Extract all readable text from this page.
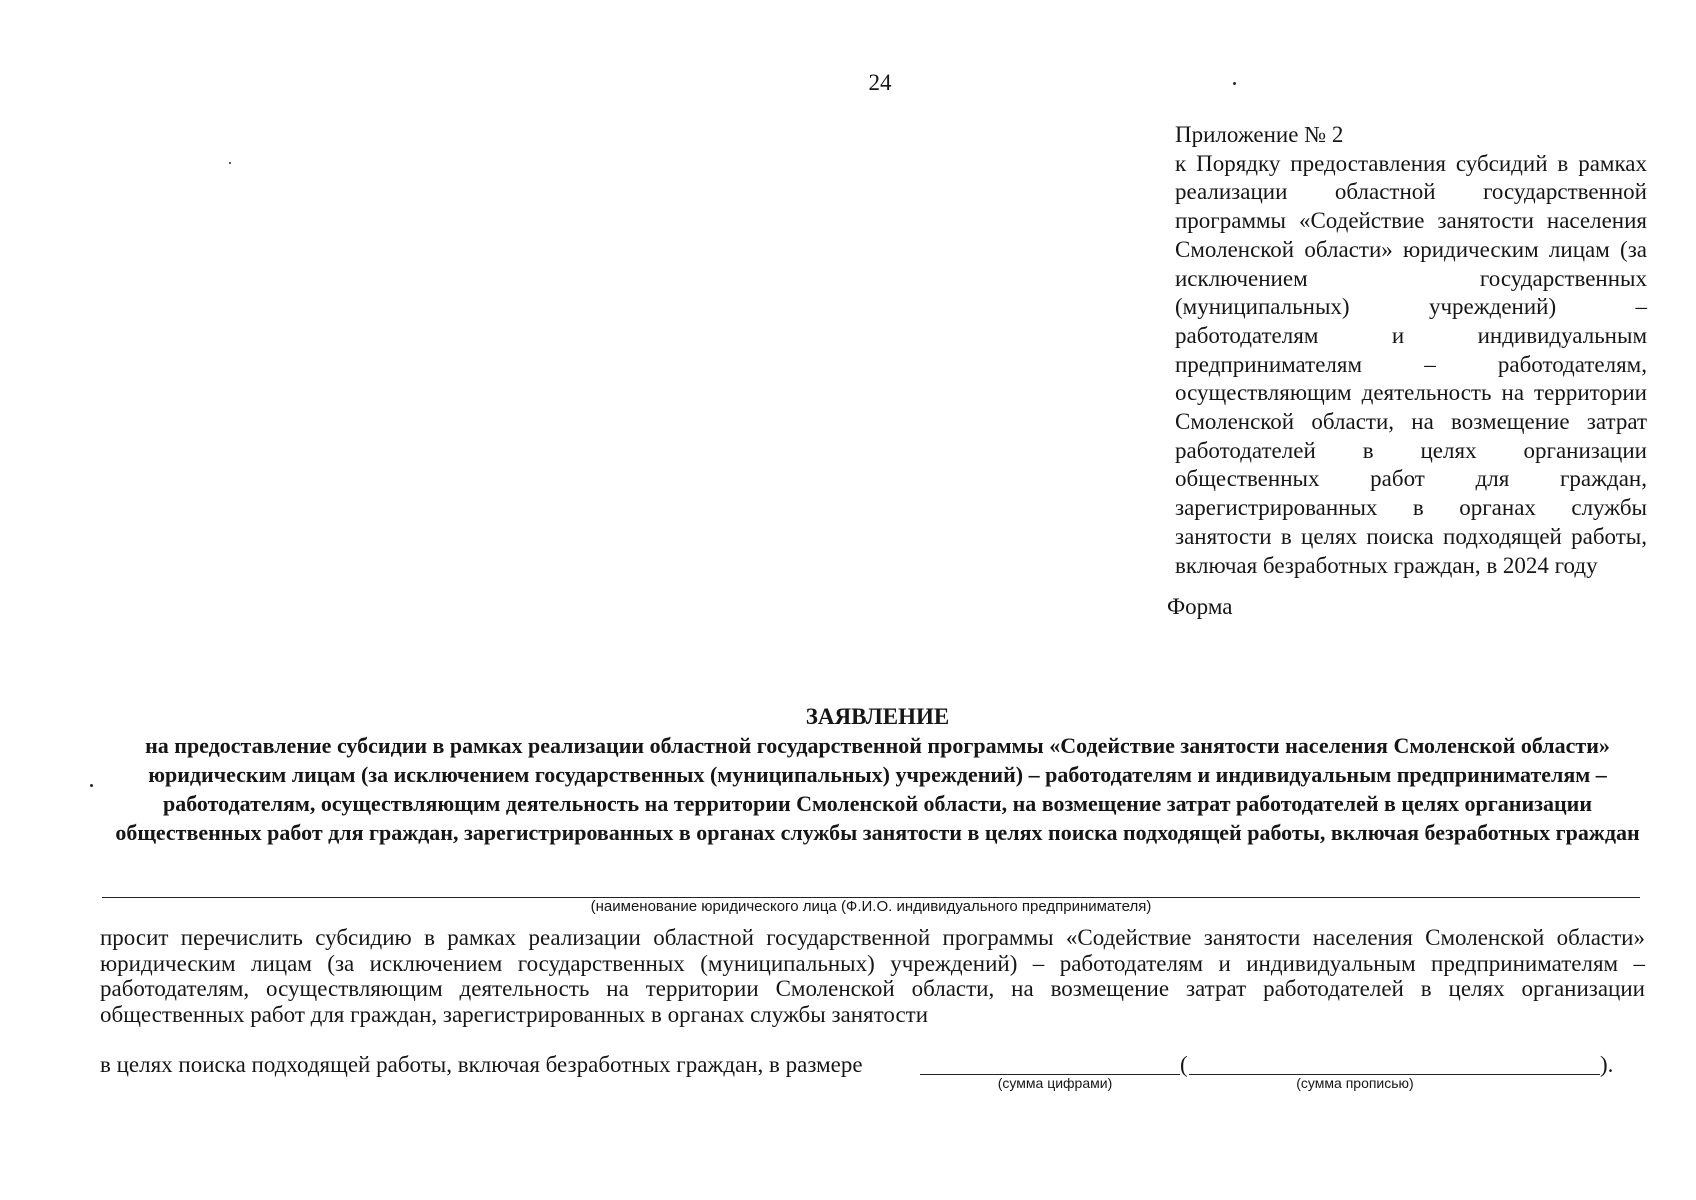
24
Приложение № 2
к Порядку предоставления субсидий в рамках реализации областной государственной программы «Содействие занятости населения Смоленской области» юридическим лицам (за исключением государственных (муниципальных) учреждений) – работодателям и индивидуальным предпринимателям – работодателям, осуществляющим деятельность на территории Смоленской области, на возмещение затрат работодателей в целях организации общественных работ для граждан, зарегистрированных в органах службы занятости в целях поиска подходящей работы, включая безработных граждан, в 2024 году
Форма
ЗАЯВЛЕНИЕ
на предоставление субсидии в рамках реализации областной государственной программы «Содействие занятости населения Смоленской области» юридическим лицам (за исключением государственных (муниципальных) учреждений) – работодателям и индивидуальным предпринимателям – работодателям, осуществляющим деятельность на территории Смоленской области, на возмещение затрат работодателей в целях организации общественных работ для граждан, зарегистрированных в органах службы занятости в целях поиска подходящей работы, включая безработных граждан
(наименование юридического лица (Ф.И.О. индивидуального предпринимателя)
просит перечислить субсидию в рамках реализации областной государственной программы «Содействие занятости населения Смоленской области» юридическим лицам (за исключением государственных (муниципальных) учреждений) – работодателям и индивидуальным предпринимателям – работодателям, осуществляющим деятельность на территории Смоленской области, на возмещение затрат работодателей в целях организации общественных работ для граждан, зарегистрированных в органах службы занятости
в целях поиска подходящей работы, включая безработных граждан, в размере	(	).
(сумма цифрами)	(сумма прописью)
